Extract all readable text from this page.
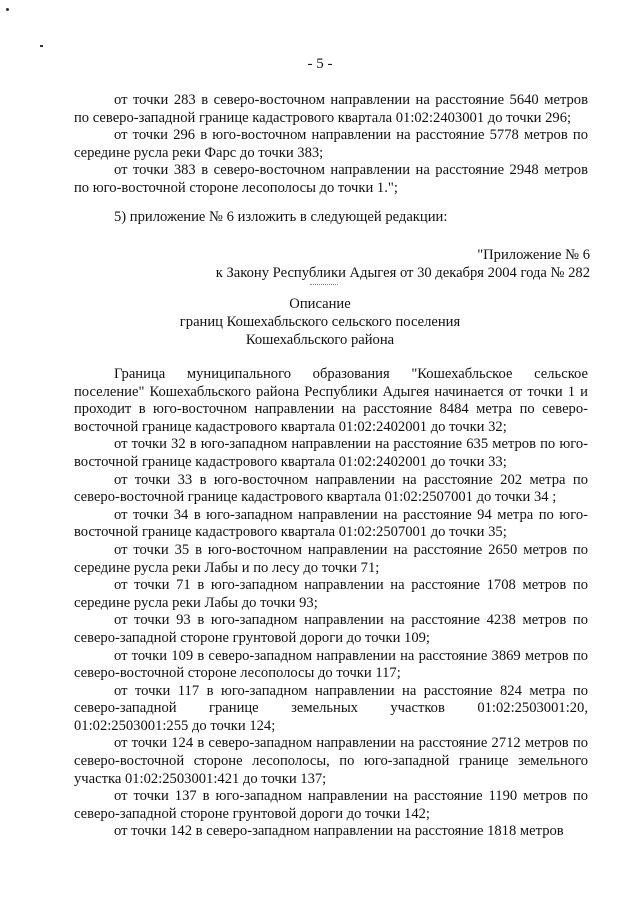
- 5 -

от точки 283 в северо-восточном направлении на расстояние 5640 метров по северо-западной границе кадастрового квартала 01:02:2403001 до точки 296;

от точки 296 в юго-восточном направлении на расстояние 5778 метров по середине русла реки Фарс до точки 383;

от точки 383 в северо-восточном направлении на расстояние 2948 метров по юго-восточной стороне лесополосы до точки 1.";

5) приложение № 6 изложить в следующей редакции:

"Приложение № 6
к Закону Республики Адыгея от 30 декабря 2004 года № 282
Описание
границ Кошехабльского сельского поселения
Кошехабльского района

Граница муниципального образования "Кошехабльское сельское поселение" Кошехабльского района Республики Адыгея начинается от точки 1 и проходит в юго-восточном направлении на расстояние 8484 метра по северо-восточной границе кадастрового квартала 01:02:2402001 до точки 32;

от точки 32 в юго-западном направлении на расстояние 635 метров по юго-восточной границе кадастрового квартала 01:02:2402001 до точки 33;

от точки 33 в юго-восточном направлении на расстояние 202 метра по северо-восточной границе кадастрового квартала 01:02:2507001 до точки 34 ;

от точки 34 в юго-западном направлении на расстояние 94 метра по юго-восточной границе кадастрового квартала 01:02:2507001 до точки 35;

от точки 35 в юго-восточном направлении на расстояние 2650 метров по середине русла реки Лабы и по лесу до точки 71;

от точки 71 в юго-западном направлении на расстояние 1708 метров по середине русла реки Лабы до точки 93;

от точки 93 в юго-западном направлении на расстояние 4238 метров по северо-западной стороне грунтовой дороги до точки 109;

от точки 109 в северо-западном направлении на расстояние 3869 метров по северо-восточной стороне лесополосы до точки 117;

от точки 117 в юго-западном направлении на расстояние 824 метра по северо-западной границе земельных участков 01:02:2503001:20, 01:02:2503001:255 до точки 124;

от точки 124 в северо-западном направлении на расстояние 2712 метров по северо-восточной стороне лесополосы, по юго-западной границе земельного участка 01:02:2503001:421 до точки 137;

от точки 137 в юго-западном направлении на расстояние 1190 метров по северо-западной стороне грунтовой дороги до точки 142;

от точки 142 в северо-западном направлении на расстояние 1818 метров
